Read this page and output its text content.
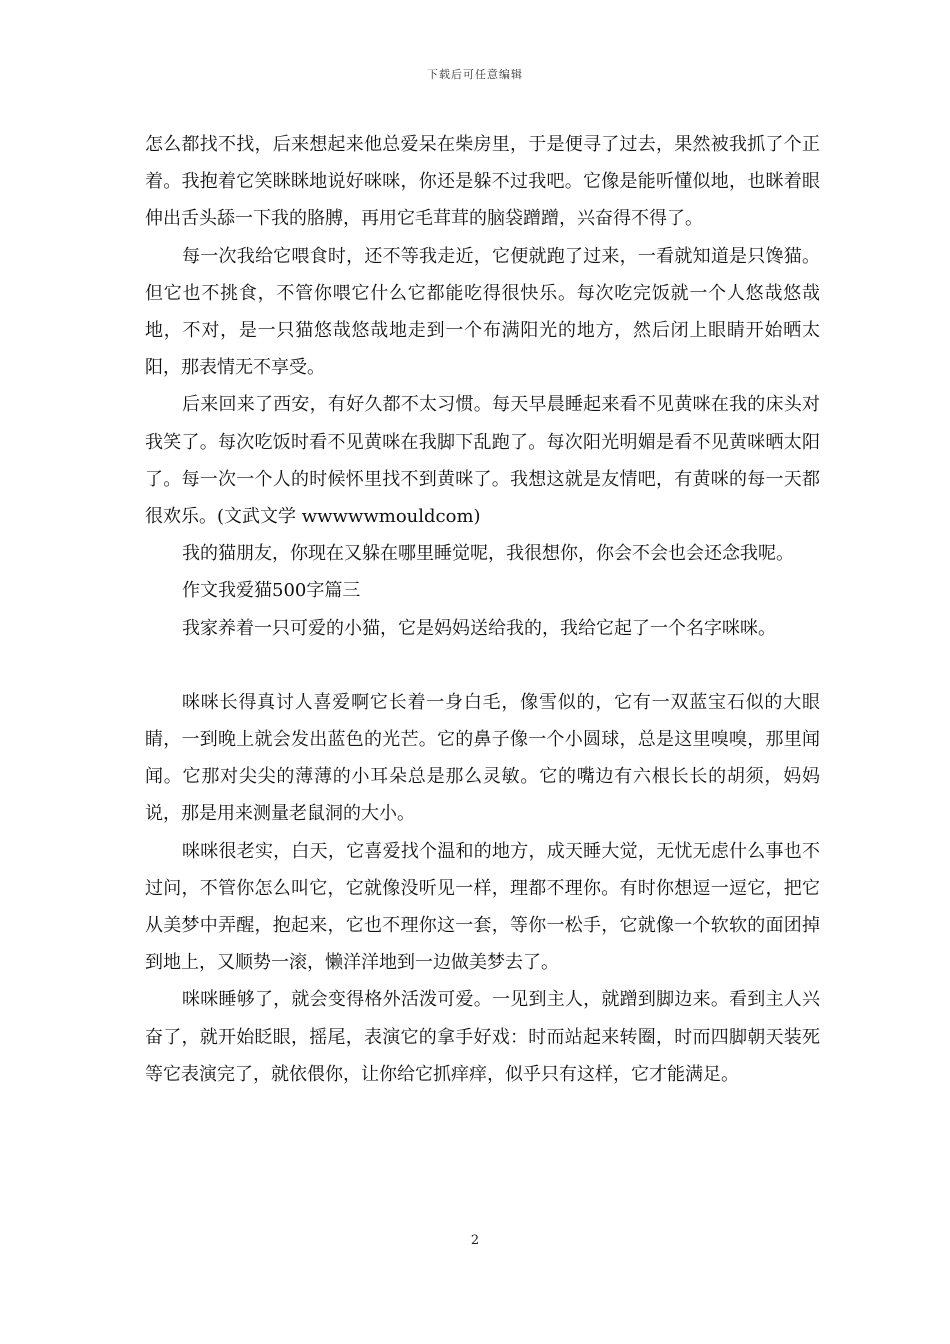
下载后可任意编辑

怎么都找不找，后来想起来他总爱呆在柴房里，于是便寻了过去，果然被我抓了个正着。我抱着它笑眯眯地说好咪咪，你还是躲不过我吧。它像是能听懂似地，也眯着眼伸出舌头舔一下我的胳膊，再用它毛茸茸的脑袋蹭蹭，兴奋得不得了。

每一次我给它喂食时，还不等我走近，它便就跑了过来，一看就知道是只馋猫。但它也不挑食，不管你喂它什么它都能吃得很快乐。每次吃完饭就一个人悠哉悠哉地，不对，是一只猫悠哉悠哉地走到一个布满阳光的地方，然后闭上眼睛开始晒太阳，那表情无不享受。

后来回来了西安，有好久都不太习惯。每天早晨睡起来看不见黄咪在我的床头对我笑了。每次吃饭时看不见黄咪在我脚下乱跑了。每次阳光明媚是看不见黄咪晒太阳了。每一次一个人的时候怀里找不到黄咪了。我想这就是友情吧，有黄咪的每一天都很欢乐。(文武文学 wwwwwmouldcom)

我的猫朋友，你现在又躲在哪里睡觉呢，我很想你，你会不会也会还念我呢。

作文我爱猫500字篇三

我家养着一只可爱的小猫，它是妈妈送给我的，我给它起了一个名字咪咪。

咪咪长得真讨人喜爱啊它长着一身白毛，像雪似的，它有一双蓝宝石似的大眼睛，一到晚上就会发出蓝色的光芒。它的鼻子像一个小圆球，总是这里嗅嗅，那里闻闻。它那对尖尖的薄薄的小耳朵总是那么灵敏。它的嘴边有六根长长的胡须，妈妈说，那是用来测量老鼠洞的大小。

咪咪很老实，白天，它喜爱找个温和的地方，成天睡大觉，无忧无虑什么事也不过问，不管你怎么叫它，它就像没听见一样，理都不理你。有时你想逗一逗它，把它从美梦中弄醒，抱起来，它也不理你这一套，等你一松手，它就像一个软软的面团掉到地上，又顺势一滚，懒洋洋地到一边做美梦去了。

咪咪睡够了，就会变得格外活泼可爱。一见到主人，就蹭到脚边来。看到主人兴奋了，就开始眨眼，摇尾，表演它的拿手好戏：时而站起来转圈，时而四脚朝天装死等它表演完了，就依偎你，让你给它抓痒痒，似乎只有这样，它才能满足。

2
